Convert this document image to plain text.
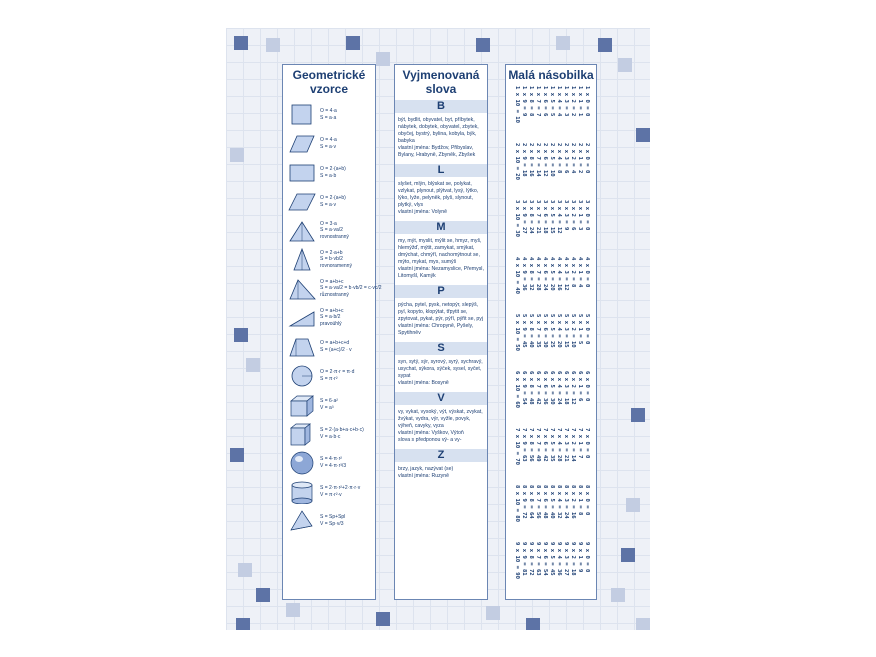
Geometrické vzorce
O = 4·a
S = a·a
O = 4·a
S = a·v
O = 2·(a+b)
S = a·b
O = 2·(a+b)
S = a·v
O = 3·a
S = a·va/2
rovnostranný
O = 2·a+b
S = b·vb/2
rovnoramenný
O = a+b+c
S = a·va/2 = b·vb/2 = c·vc/2
různostranný
O = a+b+c
S = a·b/2
pravoúhlý
O = a+b+c+d
S = (a+c)/2 · v
O = 2·π·r = π·d
S = π·r²
S = 6·a²
V = a³
S = 2·(a·b+a·c+b·c)
V = a·b·c
S = 4·π·r²
V = 4·π·r³/3
S = 2·π·r²+2·π·r·v
V = π·r²·v
S = Sp+Spl
V = Sp·v/3
Vyjmenovaná slova
B
být, bydlit, obyvatel, byt, příbytek, nábytek, dobytek, obyvatel, zbytek, obyčej, bystrý, bylina, kobyla, býk, babyka
vlastní jména: Bydžov, Přibyslav, Bylany, Hrabyně, Zbyněk, Zbyšek
L
slyšet, mlýn, blýskat se, polykat, vzlykat, plynout, plýtvat, lysý, lýtko, lýko, lyže, pelyněk, plyš, slynout, plytký, vlys
vlastní jména: Volyně
M
my, mýt, myslit, mýlit se, hmyz, myš, hlemýžď, mýtit, zamykat, smýkat, dmýchat, chmýří, nachomýtnout se, mýto, mykat, mys, sumýš
vlastní jména: Nezamyslice, Přemysl, Litomyšl, Kamýk
P
pýcha, pytel, pysk, netopýr, slepýš, pyl, kopyto, klopýtat, třpytit se, zpytovat, pykat, pýr, pýří, pýřit se, pyj
vlastní jména: Chropyně, Pyšely, Spytihněv
S
syn, sytý, sýr, syrový, syrý, sychravý, usychat, sýkora, sýček, sysel, syčet, sypat
vlastní jména: Bosyně
V
vy, vykat, vysoký, výt, výskat, zvykat, žvýkat, vydra, výr, vyžle, povyk, výheň, cavyky, vyza
vlastní jména: Vyškov, Výtoň
slova s předponou vý- a vy-
Z
brzy, jazyk, nazývat (se)
vlastní jména: Ruzyně
Malá násobilka
1 x 0 = 0
1 x 1 = 1
1 x 2 = 2
1 x 3 = 3
1 x 4 = 4
1 x 5 = 5
1 x 6 = 6
1 x 7 = 7
1 x 8 = 8
1 x 9 = 9
1 x 10 = 10
2 x 0 = 0
2 x 1 = 2
2 x 2 = 4
2 x 3 = 6
2 x 4 = 8
2 x 5 = 10
2 x 6 = 12
2 x 7 = 14
2 x 8 = 16
2 x 9 = 18
2 x 10 = 20
3 x 0 = 0
3 x 1 = 3
3 x 2 = 6
3 x 3 = 9
3 x 4 = 12
3 x 5 = 15
3 x 6 = 18
3 x 7 = 21
3 x 8 = 24
3 x 9 = 27
3 x 10 = 30
4 x 0 = 0
4 x 1 = 4
4 x 2 = 8
4 x 3 = 12
4 x 4 = 16
4 x 5 = 20
4 x 6 = 24
4 x 7 = 28
4 x 8 = 32
4 x 9 = 36
4 x 10 = 40
5 x 0 = 0
5 x 1 = 5
5 x 2 = 10
5 x 3 = 15
5 x 4 = 20
5 x 5 = 25
5 x 6 = 30
5 x 7 = 35
5 x 8 = 40
5 x 9 = 45
5 x 10 = 50
6 x 0 = 0
6 x 1 = 6
6 x 2 = 12
6 x 3 = 18
6 x 4 = 24
6 x 5 = 30
6 x 6 = 36
6 x 7 = 42
6 x 8 = 48
6 x 9 = 54
6 x 10 = 60
7 x 0 = 0
7 x 1 = 7
7 x 2 = 14
7 x 3 = 21
7 x 4 = 28
7 x 5 = 35
7 x 6 = 42
7 x 7 = 49
7 x 8 = 56
7 x 9 = 63
7 x 10 = 70
8 x 0 = 0
8 x 1 = 8
8 x 2 = 16
8 x 3 = 24
8 x 4 = 32
8 x 5 = 40
8 x 6 = 48
8 x 7 = 56
8 x 8 = 64
8 x 9 = 72
8 x 10 = 80
9 x 0 = 0
9 x 1 = 9
9 x 2 = 18
9 x 3 = 27
9 x 4 = 36
9 x 5 = 45
9 x 6 = 54
9 x 7 = 63
9 x 8 = 72
9 x 9 = 81
9 x 10 = 90
